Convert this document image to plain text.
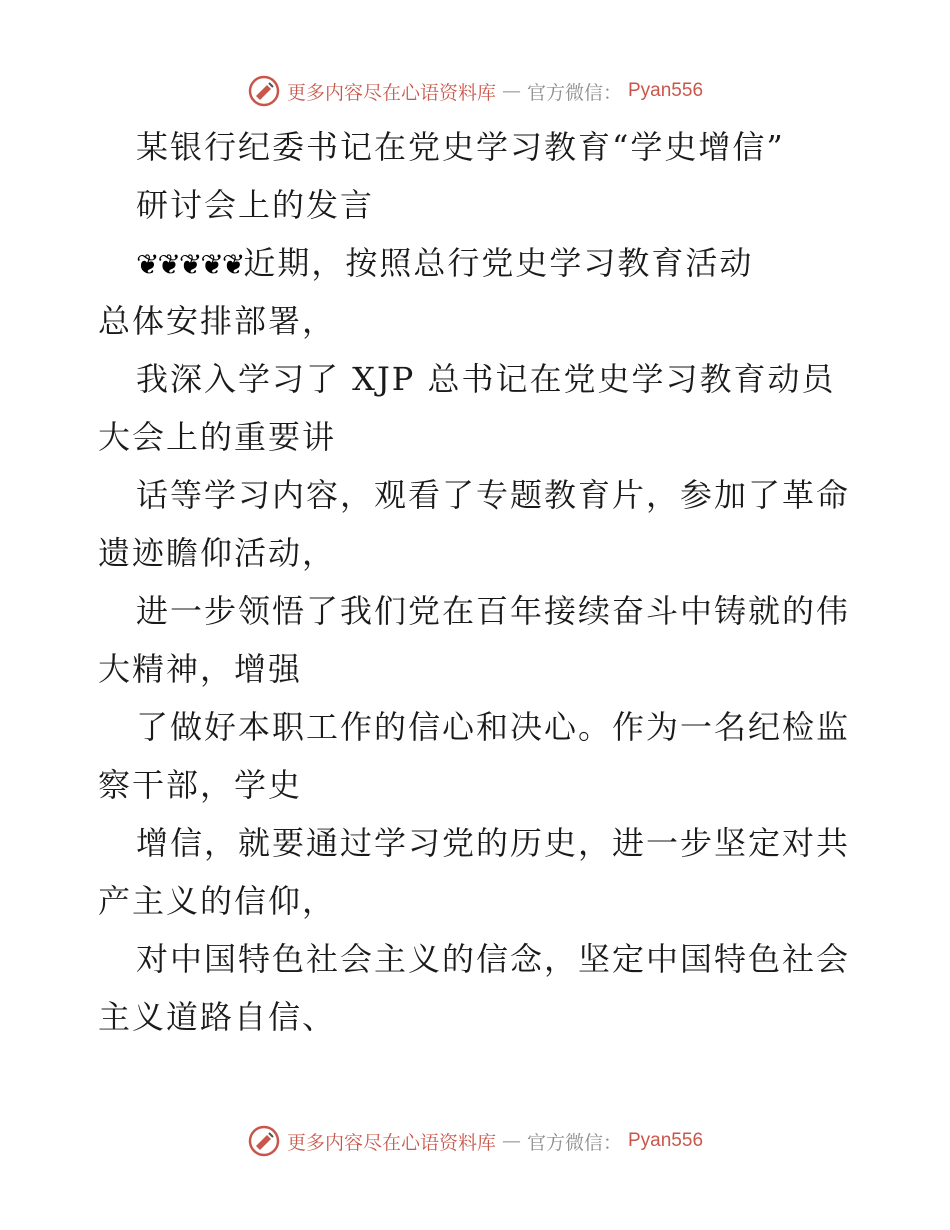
更多内容尽在心语资料库 — 官方微信： Pyan556
某银行纪委书记在党史学习教育“学史增信”
研讨会上的发言
❦❦❦❦❦近期，按照总行党史学习教育活动
总体安排部署，
我深入学习了 XJP 总书记在党史学习教育动员
大会上的重要讲
话等学习内容，观看了专题教育片，参加了革命
遗迹瞻仰活动，
进一步领悟了我们党在百年接续奋斗中铸就的伟
大精神，增强
了做好本职工作的信心和决心。作为一名纪检监
察干部，学史
增信，就要通过学习党的历史，进一步坚定对共
产主义的信仰，
对中国特色社会主义的信念，坚定中国特色社会
主义道路自信、
更多内容尽在心语资料库 — 官方微信： Pyan556
